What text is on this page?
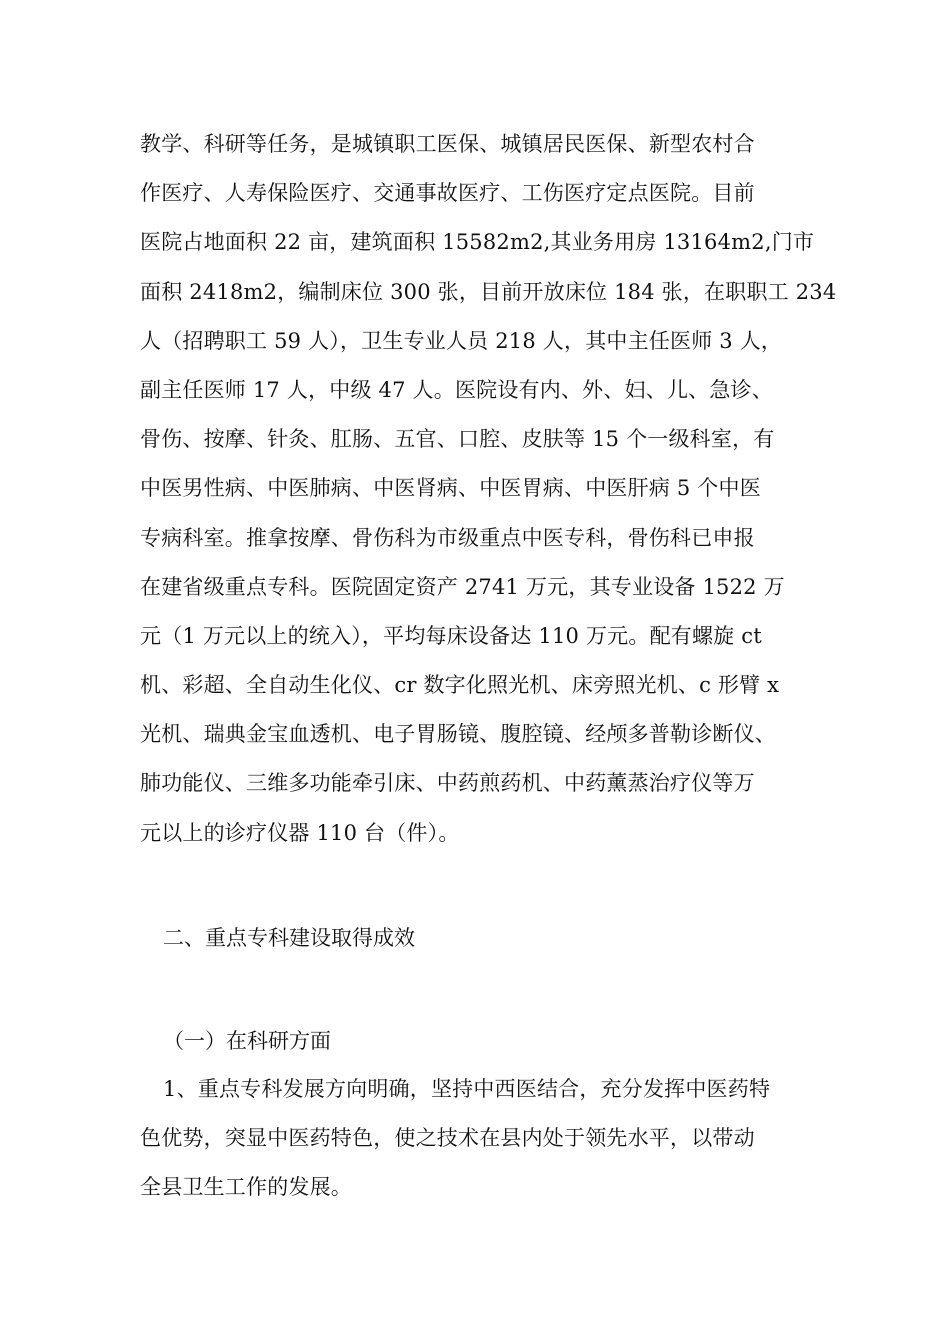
教学、科研等任务，是城镇职工医保、城镇居民医保、新型农村合
作医疗、人寿保险医疗、交通事故医疗、工伤医疗定点医院。目前
医院占地面积 22 亩，建筑面积 15582m2,其业务用房 13164m2,门市
面积 2418m2，编制床位 300 张，目前开放床位 184 张，在职职工 234
人（招聘职工 59 人），卫生专业人员 218 人，其中主任医师 3 人，
副主任医师 17 人，中级 47 人。医院设有内、外、妇、儿、急诊、
骨伤、按摩、针灸、肛肠、五官、口腔、皮肤等 15 个一级科室，有
中医男性病、中医肺病、中医肾病、中医胃病、中医肝病 5 个中医
专病科室。推拿按摩、骨伤科为市级重点中医专科，骨伤科已申报
在建省级重点专科。医院固定资产 2741 万元，其专业设备 1522 万
元（1 万元以上的统入），平均每床设备达 110 万元。配有螺旋 ct
机、彩超、全自动生化仪、cr 数字化照光机、床旁照光机、c 形臂 x
光机、瑞典金宝血透机、电子胃肠镜、腹腔镜、经颅多普勒诊断仪、
肺功能仪、三维多功能牵引床、中药煎药机、中药薰蒸治疗仪等万
元以上的诊疗仪器 110 台（件）。
二、重点专科建设取得成效
（一）在科研方面
1、重点专科发展方向明确，坚持中西医结合，充分发挥中医药特
色优势，突显中医药特色，使之技术在县内处于领先水平，以带动
全县卫生工作的发展。
